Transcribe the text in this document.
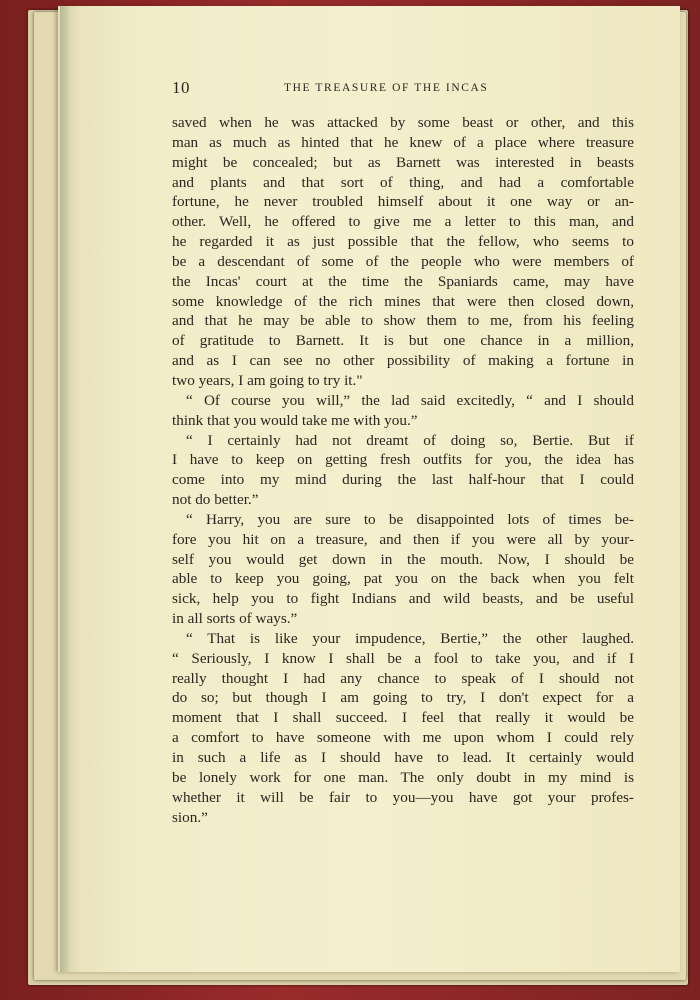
10	THE TREASURE OF THE INCAS
saved when he was attacked by some beast or other, and this
man as much as hinted that he knew of a place where treasure
might be concealed; but as Barnett was interested in beasts
and plants and that sort of thing, and had a comfortable
fortune, he never troubled himself about it one way or an-
other. Well, he offered to give me a letter to this man, and
he regarded it as just possible that the fellow, who seems to
be a descendant of some of the people who were members of
the Incas' court at the time the Spaniards came, may have
some knowledge of the rich mines that were then closed down,
and that he may be able to show them to me, from his feeling
of gratitude to Barnett. It is but one chance in a million,
and as I can see no other possibility of making a fortune in
two years, I am going to try it."
“ Of course you will,” the lad said excitedly, “ and I should
think that you would take me with you.”
“ I certainly had not dreamt of doing so, Bertie. But if
I have to keep on getting fresh outfits for you, the idea has
come into my mind during the last half-hour that I could
not do better.”
“ Harry, you are sure to be disappointed lots of times be-
fore you hit on a treasure, and then if you were all by your-
self you would get down in the mouth. Now, I should be
able to keep you going, pat you on the back when you felt
sick, help you to fight Indians and wild beasts, and be useful
in all sorts of ways.”
“ That is like your impudence, Bertie,” the other laughed.
“ Seriously, I know I shall be a fool to take you, and if I
really thought I had any chance to speak of I should not
do so; but though I am going to try, I don't expect for a
moment that I shall succeed. I feel that really it would be
a comfort to have someone with me upon whom I could rely
in such a life as I should have to lead. It certainly would
be lonely work for one man. The only doubt in my mind is
whether it will be fair to you—you have got your profes-
sion.”
